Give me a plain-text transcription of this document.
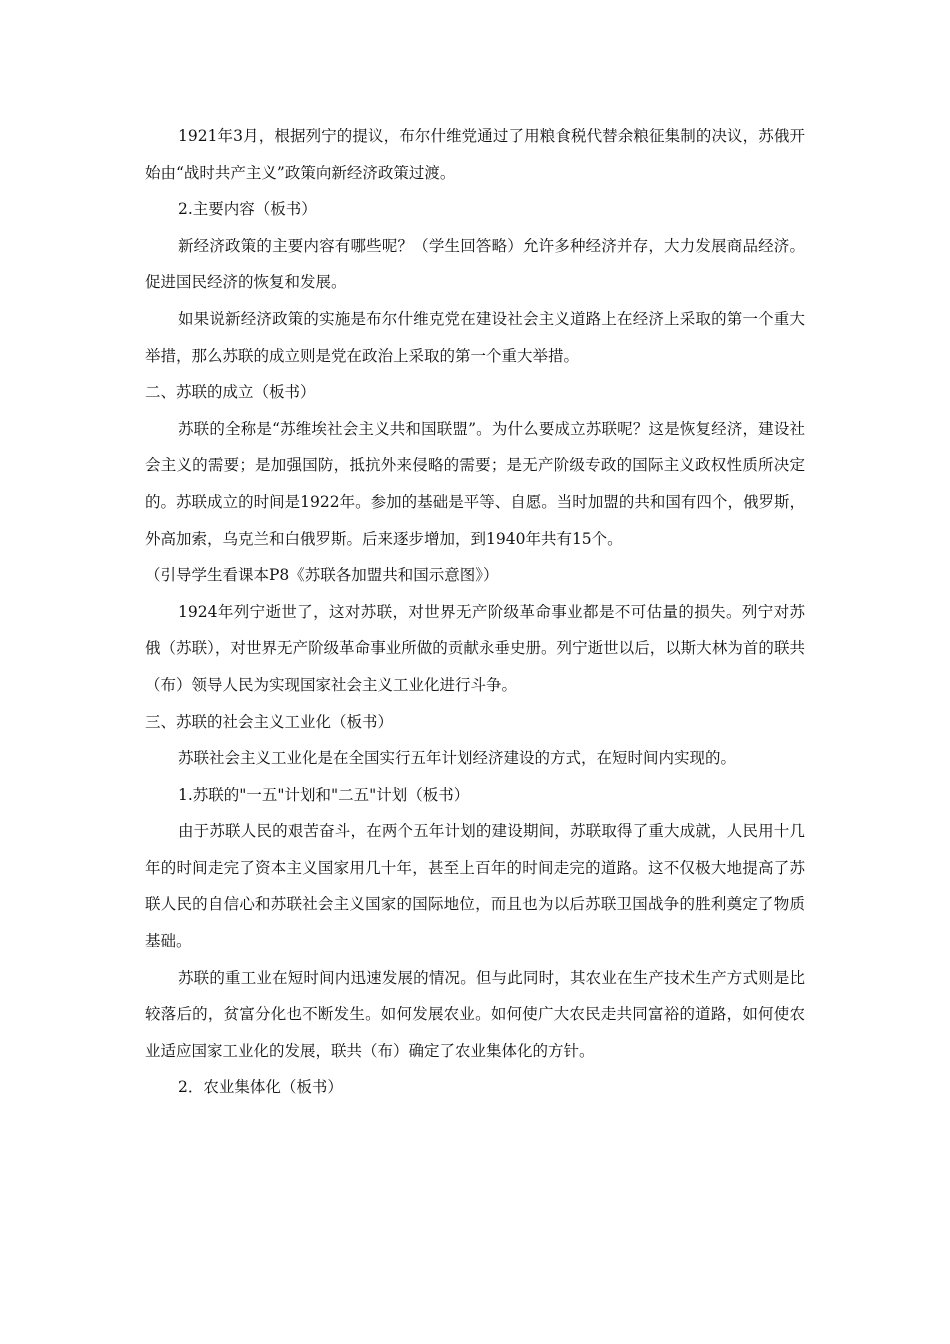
1921年3月，根据列宁的提议，布尔什维党通过了用粮食税代替余粮征集制的决议，苏俄开始由“战时共产主义”政策向新经济政策过渡。

2.主要内容（板书）

新经济政策的主要内容有哪些呢？（学生回答略）允许多种经济并存，大力发展商品经济。促进国民经济的恢复和发展。

如果说新经济政策的实施是布尔什维克党在建设社会主义道路上在经济上采取的第一个重大举措，那么苏联的成立则是党在政治上采取的第一个重大举措。

二、苏联的成立（板书）

苏联的全称是“苏维埃社会主义共和国联盟”。为什么要成立苏联呢？这是恢复经济，建设社会主义的需要；是加强国防，抵抗外来侵略的需要；是无产阶级专政的国际主义政权性质所决定的。苏联成立的时间是1922年。参加的基础是平等、自愿。当时加盟的共和国有四个，俄罗斯，外高加索，乌克兰和白俄罗斯。后来逐步增加，到1940年共有15个。

（引导学生看课本P8《苏联各加盟共和国示意图》）

1924年列宁逝世了，这对苏联，对世界无产阶级革命事业都是不可估量的损失。列宁对苏俄（苏联），对世界无产阶级革命事业所做的贡献永垂史册。列宁逝世以后，以斯大林为首的联共（布）领导人民为实现国家社会主义工业化进行斗争。

三、苏联的社会主义工业化（板书）

苏联社会主义工业化是在全国实行五年计划经济建设的方式，在短时间内实现的。

1.苏联的"一五"计划和"二五"计划（板书）

由于苏联人民的艰苦奋斗，在两个五年计划的建设期间，苏联取得了重大成就，人民用十几年的时间走完了资本主义国家用几十年，甚至上百年的时间走完的道路。这不仅极大地提高了苏联人民的自信心和苏联社会主义国家的国际地位，而且也为以后苏联卫国战争的胜利奠定了物质基础。

苏联的重工业在短时间内迅速发展的情况。但与此同时，其农业在生产技术生产方式则是比较落后的，贫富分化也不断发生。如何发展农业。如何使广大农民走共同富裕的道路，如何使农业适应国家工业化的发展，联共（布）确定了农业集体化的方针。

2．农业集体化（板书）
